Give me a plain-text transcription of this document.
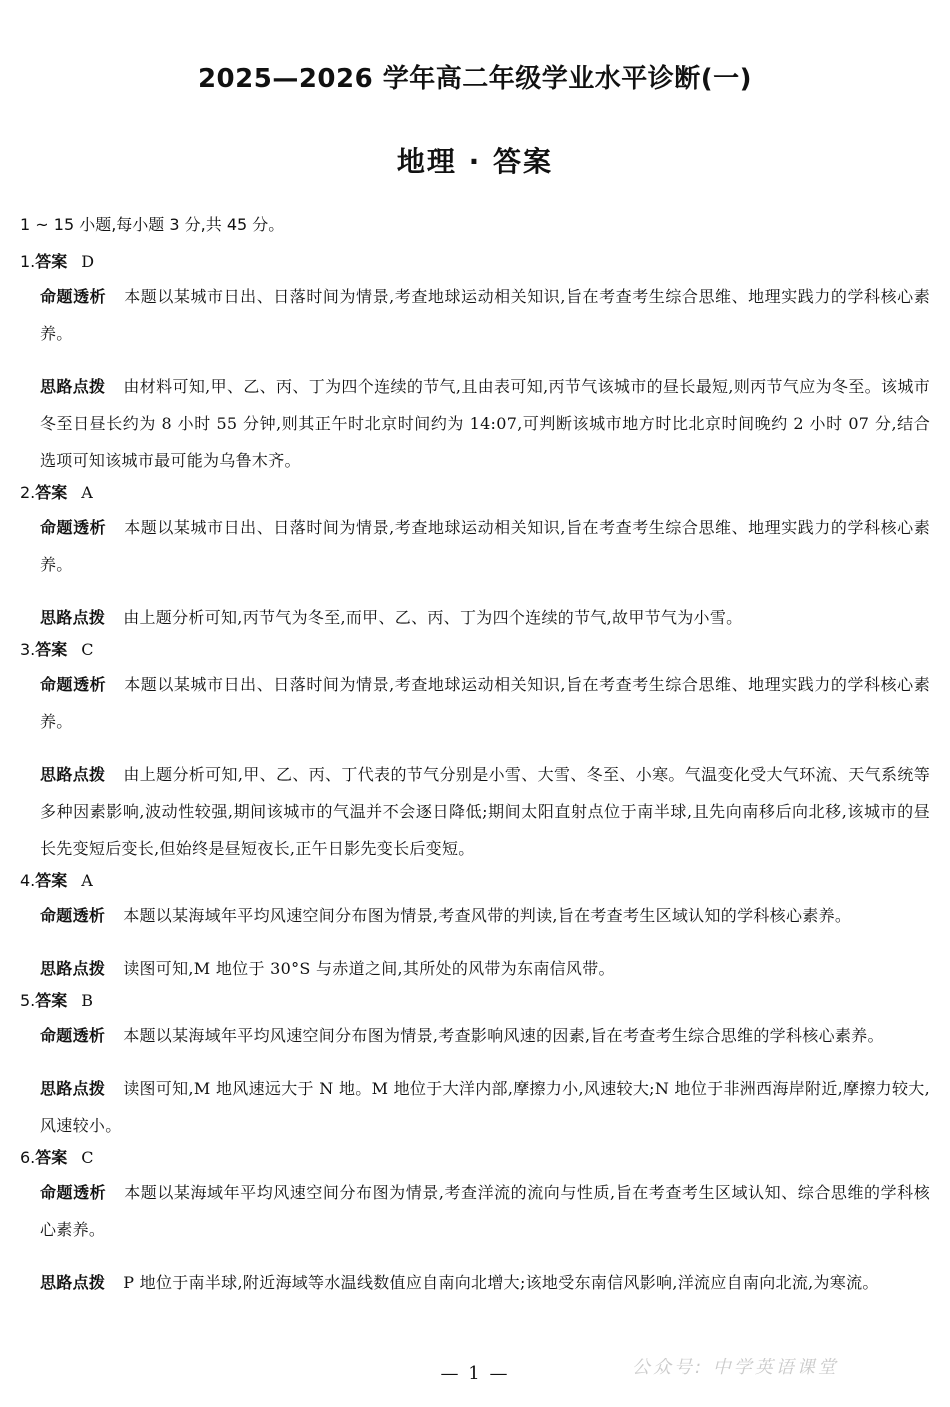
2025—2026 学年高二年级学业水平诊断(一)
地理 · 答案
1 ~ 15 小题,每小题 3 分,共 45 分。
1.答案 D

命题透析 本题以某城市日出、日落时间为情景,考查地球运动相关知识,旨在考查考生综合思维、地理实践力的学科核心素养。

思路点拨 由材料可知,甲、乙、丙、丁为四个连续的节气,且由表可知,丙节气该城市的昼长最短,则丙节气应为冬至。该城市冬至日昼长约为 8 小时 55 分钟,则其正午时北京时间约为 14:07,可判断该城市地方时比北京时间晚约 2 小时 07 分,结合选项可知该城市最可能为乌鲁木齐。

2.答案 A

命题透析 本题以某城市日出、日落时间为情景,考查地球运动相关知识,旨在考查考生综合思维、地理实践力的学科核心素养。

思路点拨 由上题分析可知,丙节气为冬至,而甲、乙、丙、丁为四个连续的节气,故甲节气为小雪。

3.答案 C

命题透析 本题以某城市日出、日落时间为情景,考查地球运动相关知识,旨在考查考生综合思维、地理实践力的学科核心素养。

思路点拨 由上题分析可知,甲、乙、丙、丁代表的节气分别是小雪、大雪、冬至、小寒。气温变化受大气环流、天气系统等多种因素影响,波动性较强,期间该城市的气温并不会逐日降低;期间太阳直射点位于南半球,且先向南移后向北移,该城市的昼长先变短后变长,但始终是昼短夜长,正午日影先变长后变短。

4.答案 A

命题透析 本题以某海域年平均风速空间分布图为情景,考查风带的判读,旨在考查考生区域认知的学科核心素养。

思路点拨 读图可知,M 地位于 30°S 与赤道之间,其所处的风带为东南信风带。

5.答案 B

命题透析 本题以某海域年平均风速空间分布图为情景,考查影响风速的因素,旨在考查考生综合思维的学科核心素养。

思路点拨 读图可知,M 地风速远大于 N 地。M 地位于大洋内部,摩擦力小,风速较大;N 地位于非洲西海岸附近,摩擦力较大,风速较小。

6.答案 C

命题透析 本题以某海域年平均风速空间分布图为情景,考查洋流的流向与性质,旨在考查考生区域认知、综合思维的学科核心素养。

思路点拨 P 地位于南半球,附近海域等水温线数值应自南向北增大;该地受东南信风影响,洋流应自南向北流,为寒流。

— 1 —	公众号: 中学英语课堂
